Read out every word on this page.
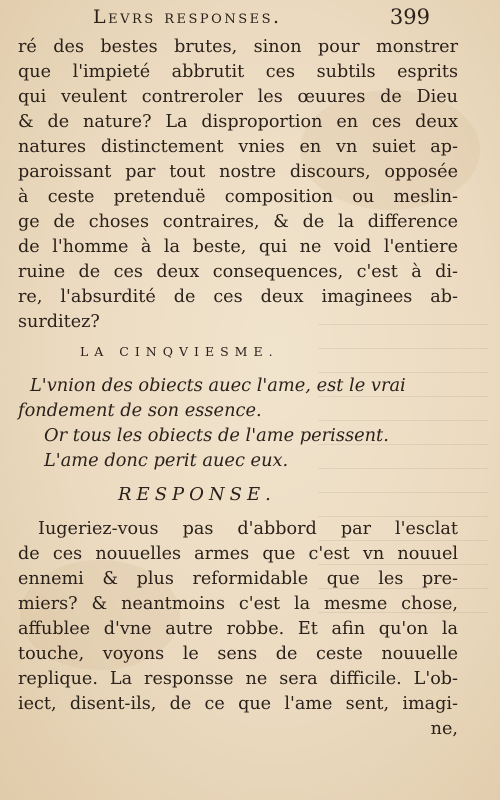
Levrs responses.	399
ré des bestes brutes, sinon pour monstrer
que l'impieté abbrutit ces subtils esprits
qui veulent contreroler les œuures de Dieu
& de nature? La disproportion en ces deux
natures distinctement vnies en vn suiet ap-
paroissant par tout nostre discours, opposée
à ceste pretenduë composition ou meslin-
ge de choses contraires, & de la difference
de l'homme à la beste, qui ne void l'entiere
ruine de ces deux consequences, c'est à di-
re, l'absurdité de ces deux imaginees ab-
surditez?
LA CINQVIESME.
L'vnion des obiects auec l'ame, est le vrai
fondement de son essence.
Or tous les obiects de l'ame perissent.
L'ame donc perit auec eux.
RESPONSE.
Iugeriez-vous pas d'abbord par l'esclat
de ces nouuelles armes que c'est vn nouuel
ennemi & plus reformidable que les pre-
miers? & neantmoins c'est la mesme chose,
affublee d'vne autre robbe. Et afin qu'on la
touche, voyons le sens de ceste nouuelle
replique. La responsse ne sera difficile. L'ob-
iect, disent-ils, de ce que l'ame sent, imagi-
ne,
